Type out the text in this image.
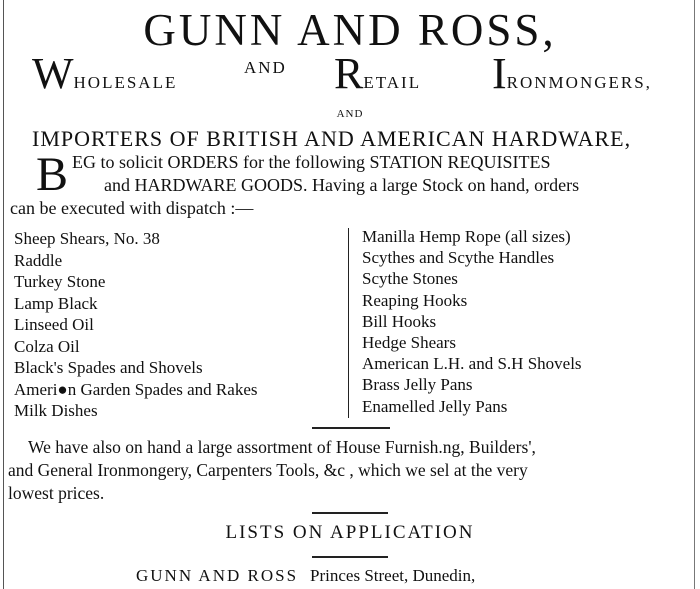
GUNN AND ROSS,
WHOLESALE
AND RETAIL IRONMONGERS,
AND
IMPORTERS OF BRITISH AND AMERICAN HARDWARE,
B EG to solicit ORDERS for the following STATION REQUISITES
and HARDWARE GOODS. Having a large Stock on hand, orders
can be executed with dispatch :—
Sheep Shears, No. 38
Raddle
Turkey Stone
Lamp Black
Linseed Oil
Colza Oil
Black's Spades and Shovels
Ameri●n Garden Spades and Rakes
Milk Dishes
Manilla Hemp Rope (all sizes)
Scythes and Scythe Handles
Scythe Stones
Reaping Hooks
Bill Hooks
Hedge Shears
American L.H. and S.H Shovels
Brass Jelly Pans
Enamelled Jelly Pans
We have also on hand a large assortment of House Furnish.ng, Builders',
and General Ironmongery, Carpenters Tools, &c , which we sel at the very
lowest prices.
LISTS ON APPLICATION
GUNN AND ROSS Princes Street, Dunedin,
